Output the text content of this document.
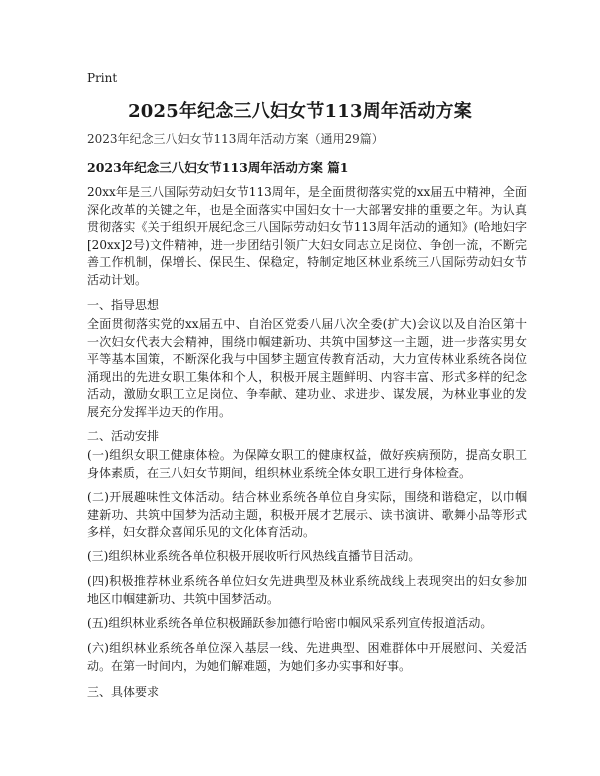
Print
2025年纪念三八妇女节113周年活动方案
2023年纪念三八妇女节113周年活动方案（通用29篇）
2023年纪念三八妇女节113周年活动方案 篇1

20xx年是三八国际劳动妇女节113周年，是全面贯彻落实党的xx届五中精神，全面深化改革的关键之年，也是全面落实中国妇女十一大部署安排的重要之年。为认真贯彻落实《关于组织开展纪念三八国际劳动妇女节113周年活动的通知》(哈地妇字[20xx]2号)文件精神，进一步团结引领广大妇女同志立足岗位、争创一流，不断完善工作机制，保增长、保民生、保稳定，特制定地区林业系统三八国际劳动妇女节活动计划。

一、指导思想

全面贯彻落实党的xx届五中、自治区党委八届八次全委(扩大)会议以及自治区第十一次妇女代表大会精神，围绕巾帼建新功、共筑中国梦这一主题，进一步落实男女平等基本国策，不断深化我与中国梦主题宣传教育活动，大力宣传林业系统各岗位涌现出的先进女职工集体和个人，积极开展主题鲜明、内容丰富、形式多样的纪念活动，激励女职工立足岗位、争奉献、建功业、求进步、谋发展，为林业事业的发展充分发挥半边天的作用。

二、活动安排

(一)组织女职工健康体检。为保障女职工的健康权益，做好疾病预防，提高女职工身体素质，在三八妇女节期间，组织林业系统全体女职工进行身体检查。

(二)开展趣味性文体活动。结合林业系统各单位自身实际，围绕和谐稳定，以巾帼建新功、共筑中国梦为活动主题，积极开展才艺展示、读书演讲、歌舞小品等形式多样，妇女群众喜闻乐见的文化体育活动。

(三)组织林业系统各单位积极开展收听行风热线直播节目活动。

(四)积极推荐林业系统各单位妇女先进典型及林业系统战线上表现突出的妇女参加地区巾帼建新功、共筑中国梦活动。

(五)组织林业系统各单位积极踊跃参加德行哈密巾帼风采系列宣传报道活动。

(六)组织林业系统各单位深入基层一线、先进典型、困难群体中开展慰问、关爱活动。在第一时间内，为她们解难题，为她们多办实事和好事。

三、具体要求
